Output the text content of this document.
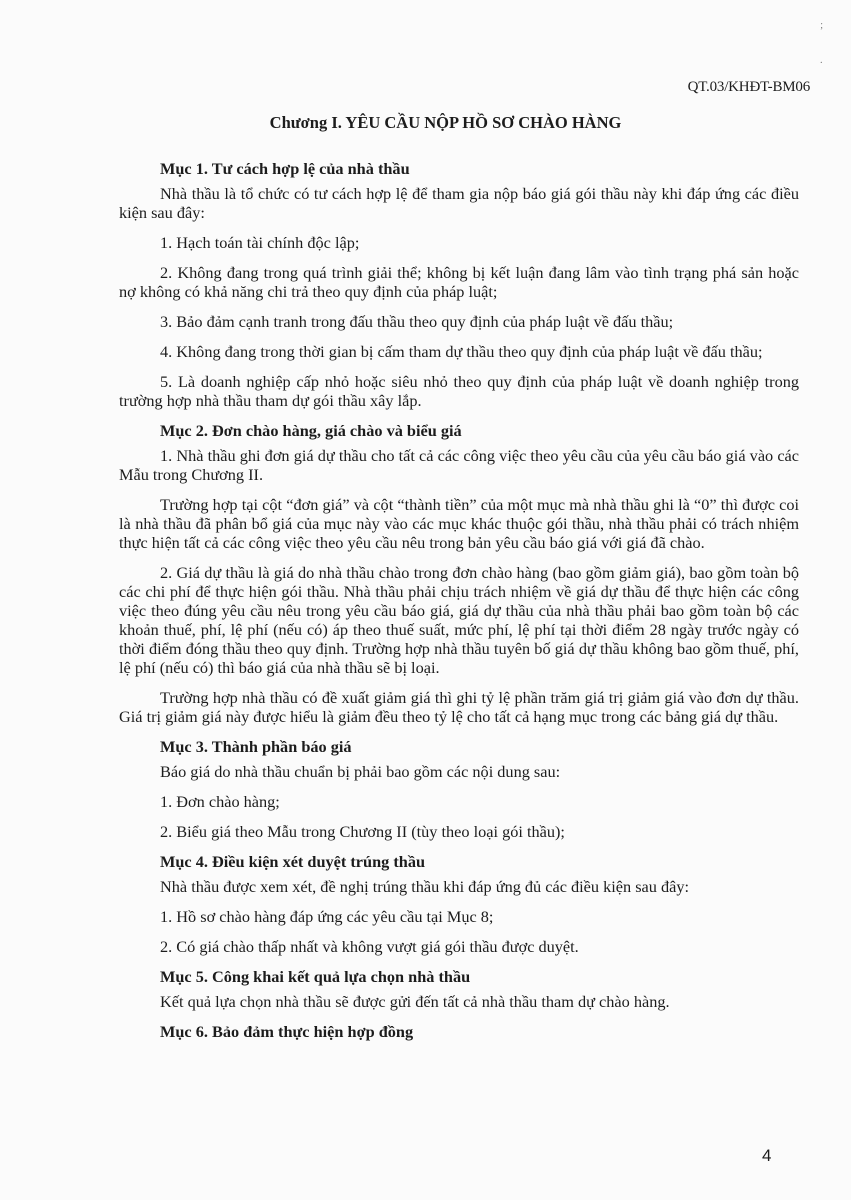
;
·
QT.03/KHĐT-BM06
Chương I. YÊU CẦU NỘP HỒ SƠ CHÀO HÀNG
Mục 1. Tư cách hợp lệ của nhà thầu

Nhà thầu là tổ chức có tư cách hợp lệ để tham gia nộp báo giá gói thầu này khi đáp ứng các điều kiện sau đây:

1. Hạch toán tài chính độc lập;

2. Không đang trong quá trình giải thể; không bị kết luận đang lâm vào tình trạng phá sản hoặc nợ không có khả năng chi trả theo quy định của pháp luật;

3. Bảo đảm cạnh tranh trong đấu thầu theo quy định của pháp luật về đấu thầu;

4. Không đang trong thời gian bị cấm tham dự thầu theo quy định của pháp luật về đấu thầu;

5. Là doanh nghiệp cấp nhỏ hoặc siêu nhỏ theo quy định của pháp luật về doanh nghiệp trong trường hợp nhà thầu tham dự gói thầu xây lắp.

Mục 2. Đơn chào hàng, giá chào và biểu giá

1. Nhà thầu ghi đơn giá dự thầu cho tất cả các công việc theo yêu cầu của yêu cầu báo giá vào các Mẫu trong Chương II.

Trường hợp tại cột “đơn giá” và cột “thành tiền” của một mục mà nhà thầu ghi là “0” thì được coi là nhà thầu đã phân bổ giá của mục này vào các mục khác thuộc gói thầu, nhà thầu phải có trách nhiệm thực hiện tất cả các công việc theo yêu cầu nêu trong bản yêu cầu báo giá với giá đã chào.

2. Giá dự thầu là giá do nhà thầu chào trong đơn chào hàng (bao gồm giảm giá), bao gồm toàn bộ các chi phí để thực hiện gói thầu. Nhà thầu phải chịu trách nhiệm về giá dự thầu để thực hiện các công việc theo đúng yêu cầu nêu trong yêu cầu báo giá, giá dự thầu của nhà thầu phải bao gồm toàn bộ các khoản thuế, phí, lệ phí (nếu có) áp theo thuế suất, mức phí, lệ phí tại thời điểm 28 ngày trước ngày có thời điểm đóng thầu theo quy định. Trường hợp nhà thầu tuyên bố giá dự thầu không bao gồm thuế, phí, lệ phí (nếu có) thì báo giá của nhà thầu sẽ bị loại.

Trường hợp nhà thầu có đề xuất giảm giá thì ghi tỷ lệ phần trăm giá trị giảm giá vào đơn dự thầu. Giá trị giảm giá này được hiểu là giảm đều theo tỷ lệ cho tất cả hạng mục trong các bảng giá dự thầu.

Mục 3. Thành phần báo giá

Báo giá do nhà thầu chuẩn bị phải bao gồm các nội dung sau:

1. Đơn chào hàng;

2. Biểu giá theo Mẫu trong Chương II (tùy theo loại gói thầu);

Mục 4. Điều kiện xét duyệt trúng thầu

Nhà thầu được xem xét, đề nghị trúng thầu khi đáp ứng đủ các điều kiện sau đây:

1. Hồ sơ chào hàng đáp ứng các yêu cầu tại Mục 8;

2. Có giá chào thấp nhất và không vượt giá gói thầu được duyệt.

Mục 5. Công khai kết quả lựa chọn nhà thầu

Kết quả lựa chọn nhà thầu sẽ được gửi đến tất cả nhà thầu tham dự chào hàng.

Mục 6. Bảo đảm thực hiện hợp đồng
4
